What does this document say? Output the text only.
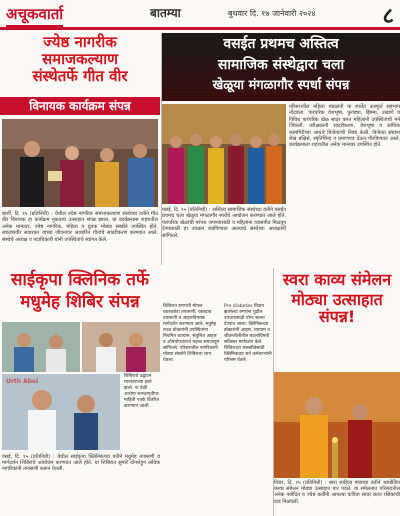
अचूकवार्ता	बातम्या	बुधवार दि. १७ जानेवारी २०२४	८
ज्येष्ठ नागरीक
समाजकल्याण
संस्थेतर्फे गीत वीर
विनायक कार्यक्रम संपन्न
बार्शी, दि. १५ (प्रतिनिधी) : येथील ज्येष्ठ नागरिक समाजकल्याण संस्थेच्या वतीने गीत वीर विनायक हा कार्यक्रम नुकताच उत्साहात संपन्न झाला. या कार्यक्रमास शहरातील अनेक मान्यवर, ज्येष्ठ नागरिक, महिला व युवक मोठ्या संख्येने उपस्थित होते. स्वातंत्र्यवीर सावरकर यांच्या जीवनावर आधारित गीतांचे सादरीकरण करण्यात आले. संस्थेचे अध्यक्ष व पदाधिकारी यांनी उपस्थितांचे स्वागत केले.
वसईत प्रथमच अस्तित्व
सामाजिक संस्थेद्वारा चला
खेळूया मंगळागौर स्पर्धा संपन्न
परिसरातील महिला मंडळांनी या स्पर्धेत उत्स्फूर्त सहभाग नोंदवला. पारंपरिक वेशभूषा, फुगड्या, झिम्मा, उखाणे व विविध पारंपरिक खेळ सादर करत महिलांनी उपस्थितांची मने जिंकली. परीक्षकांनी सादरीकरण, वेशभूषा व सांघिक कामगिरीच्या आधारे विजेत्यांची निवड केली. विजेत्या संघांना रोख बक्षिसे, स्मृतिचिन्ह व प्रमाणपत्र देऊन गौरविण्यात आले. कार्यक्रमाला शहरातील अनेक मान्यवर उपस्थित होते.
वसई, दि. १५ (प्रतिनिधी) : अस्तित्व सामाजिक संस्थेच्या वतीने वसईत प्रथमच चला खेळूया मंगळागौर स्पर्धेचे आयोजन करण्यात आले होते. पारंपरिक खेळांची परंपरा जपण्यासाठी व महिलांना व्यासपीठ मिळवून देण्यासाठी हा उपक्रम राबविण्यात आल्याचे संस्थेच्या अध्यक्षांनी सांगितले.
साईकृपा क्लिनिक तर्फे
मधुमेह शिबिर संपन्न
Urth Abel
शिबिराचे उद्घाटन मान्यवरांच्या हस्ते झाले. या वेळी आरोग्य जनजागृतीपर माहिती पत्रके वितरित करण्यात आली.
शिबिरात रुग्णांची मोफत रक्तशर्करा तपासणी, रक्तदाब तपासणी व आहारविषयक मार्गदर्शन करण्यात आले. मधुमेह तज्ज्ञ डॉक्टरांनी उपस्थितांना नियमित व्यायाम, संतुलित आहार व औषधोपचाराचे महत्त्व समजावून सांगितले. परिसरातील नागरिकांनी मोठ्या संख्येने शिबिराचा लाभ घेतला.
वसई, दि. १५ (प्रतिनिधी) : येथील साईकृपा क्लिनिकच्या वतीने मधुमेह तपासणी व मार्गदर्शन शिबिराचे आयोजन करण्यात आले होते. या शिबिरात सुमारे दोनशेहून अधिक नागरिकांनी तपासणी करून घेतली.
Pre diabetes निदान झालेल्या रुग्णांना पुढील उपचारांसाठी योग्य सल्ला देण्यात आला. क्लिनिकच्या डॉक्टरांनी आहार, व्यायाम व जीवनशैलीतील बदलांविषयी सविस्तर मार्गदर्शन केले. शिबिराच्या यशस्वीतेसाठी क्लिनिकच्या सर्व कर्मचाऱ्यांनी परिश्रम घेतले.
स्वरा काव्य संमेलन
मोठ्या उत्साहात संपन्न!
विरार, दि. १५ (प्रतिनिधी) : स्वरा साहित्य मंचाच्या वतीने आयोजित काव्य संमेलन मोठ्या उत्साहात पार पडले. या संमेलनात परिसरातील अनेक नवोदित व ज्येष्ठ कवींनी आपल्या कविता सादर करत रसिकांची दाद मिळवली.
